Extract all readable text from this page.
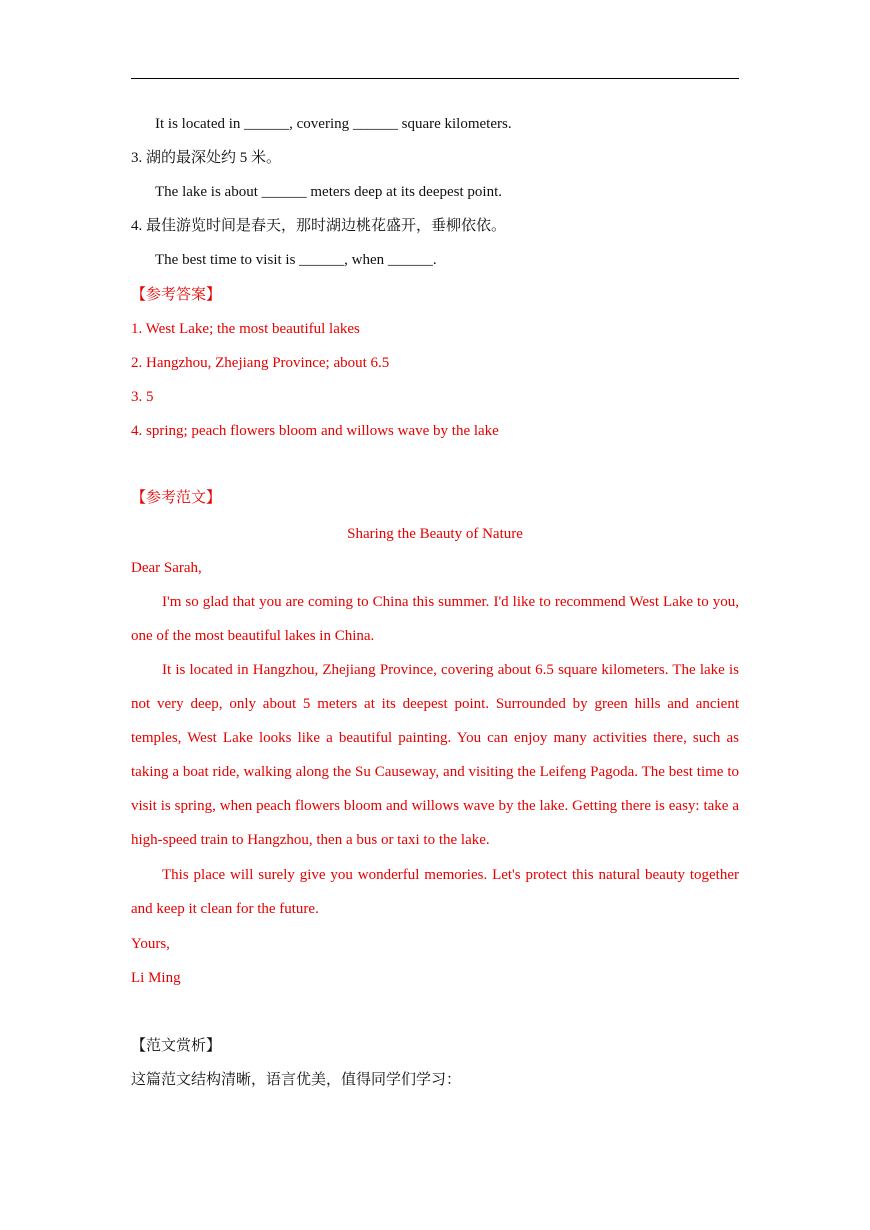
It is located in ______, covering ______ square kilometers.
3. 湖的最深处约 5 米。
The lake is about ______ meters deep at its deepest point.
4. 最佳游览时间是春天，那时湖边桃花盛开，垂柳依依。
The best time to visit is ______, when ______.
【参考答案】
1. West Lake; the most beautiful lakes
2. Hangzhou, Zhejiang Province; about 6.5
3. 5
4. spring; peach flowers bloom and willows wave by the lake
【参考范文】
Sharing the Beauty of Nature
Dear Sarah,
I'm so glad that you are coming to China this summer. I'd like to recommend West Lake to you, one of the most beautiful lakes in China.
It is located in Hangzhou, Zhejiang Province, covering about 6.5 square kilometers. The lake is not very deep, only about 5 meters at its deepest point. Surrounded by green hills and ancient temples, West Lake looks like a beautiful painting. You can enjoy many activities there, such as taking a boat ride, walking along the Su Causeway, and visiting the Leifeng Pagoda. The best time to visit is spring, when peach flowers bloom and willows wave by the lake. Getting there is easy: take a high-speed train to Hangzhou, then a bus or taxi to the lake.
This place will surely give you wonderful memories. Let's protect this natural beauty together and keep it clean for the future.
Yours,
Li Ming
【范文赏析】
这篇范文结构清晰，语言优美，值得同学们学习：
